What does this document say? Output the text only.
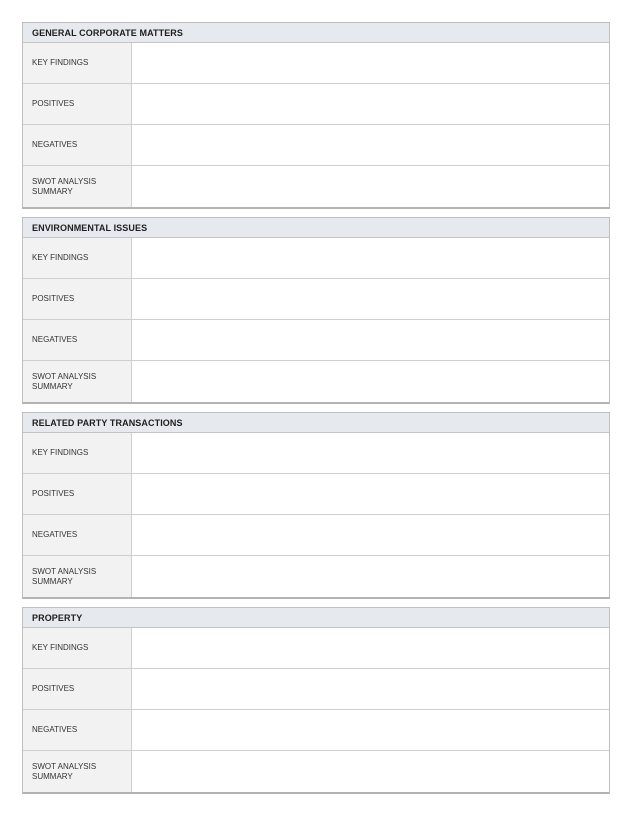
GENERAL CORPORATE MATTERS
KEY FINDINGS
POSITIVES
NEGATIVES
SWOT ANALYSIS
SUMMARY
ENVIRONMENTAL ISSUES
KEY FINDINGS
POSITIVES
NEGATIVES
SWOT ANALYSIS
SUMMARY
RELATED PARTY TRANSACTIONS
KEY FINDINGS
POSITIVES
NEGATIVES
SWOT ANALYSIS
SUMMARY
PROPERTY
KEY FINDINGS
POSITIVES
NEGATIVES
SWOT ANALYSIS
SUMMARY
